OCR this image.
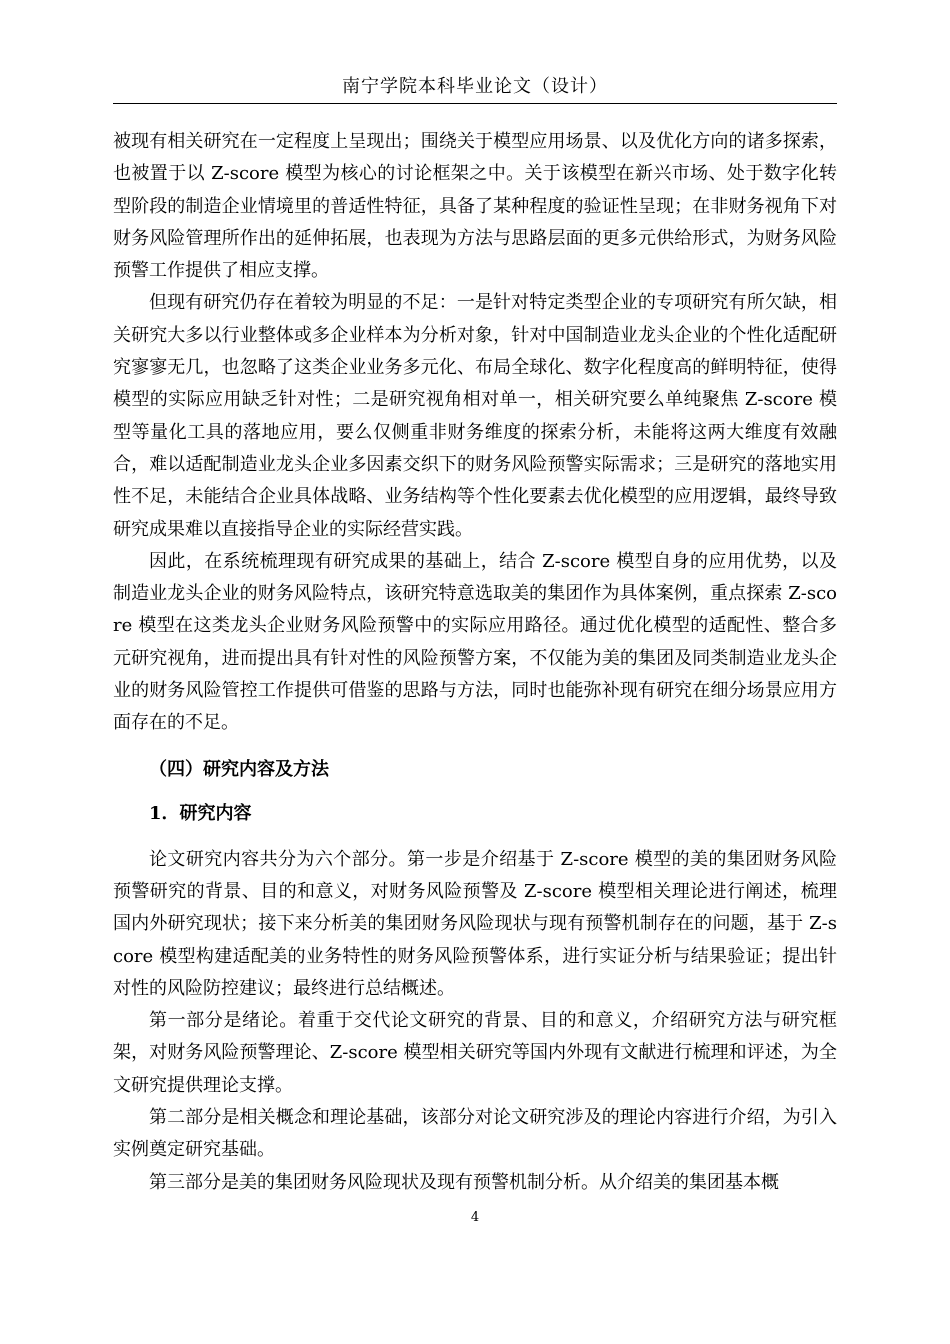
南宁学院本科毕业论文（设计）

被现有相关研究在一定程度上呈现出；围绕关于模型应用场景、以及优化方向的诸多探索，也被置于以 Z-score 模型为核心的讨论框架之中。关于该模型在新兴市场、处于数字化转型阶段的制造企业情境里的普适性特征，具备了某种程度的验证性呈现；在非财务视角下对财务风险管理所作出的延伸拓展，也表现为方法与思路层面的更多元供给形式，为财务风险预警工作提供了相应支撑。

但现有研究仍存在着较为明显的不足：一是针对特定类型企业的专项研究有所欠缺，相关研究大多以行业整体或多企业样本为分析对象，针对中国制造业龙头企业的个性化适配研究寥寥无几，也忽略了这类企业业务多元化、布局全球化、数字化程度高的鲜明特征，使得模型的实际应用缺乏针对性；二是研究视角相对单一，相关研究要么单纯聚焦 Z-score 模型等量化工具的落地应用，要么仅侧重非财务维度的探索分析，未能将这两大维度有效融合，难以适配制造业龙头企业多因素交织下的财务风险预警实际需求；三是研究的落地实用性不足，未能结合企业具体战略、业务结构等个性化要素去优化模型的应用逻辑，最终导致研究成果难以直接指导企业的实际经营实践。

因此，在系统梳理现有研究成果的基础上，结合 Z-score 模型自身的应用优势，以及制造业龙头企业的财务风险特点，该研究特意选取美的集团作为具体案例，重点探索 Z-score 模型在这类龙头企业财务风险预警中的实际应用路径。通过优化模型的适配性、整合多元研究视角，进而提出具有针对性的风险预警方案，不仅能为美的集团及同类制造业龙头企业的财务风险管控工作提供可借鉴的思路与方法，同时也能弥补现有研究在细分场景应用方面存在的不足。

（四）研究内容及方法
1．研究内容

论文研究内容共分为六个部分。第一步是介绍基于 Z-score 模型的美的集团财务风险预警研究的背景、目的和意义，对财务风险预警及 Z-score 模型相关理论进行阐述，梳理国内外研究现状；接下来分析美的集团财务风险现状与现有预警机制存在的问题，基于 Z-score 模型构建适配美的业务特性的财务风险预警体系，进行实证分析与结果验证；提出针对性的风险防控建议；最终进行总结概述。

第一部分是绪论。着重于交代论文研究的背景、目的和意义，介绍研究方法与研究框架，对财务风险预警理论、Z-score 模型相关研究等国内外现有文献进行梳理和评述，为全文研究提供理论支撑。

第二部分是相关概念和理论基础，该部分对论文研究涉及的理论内容进行介绍，为引入实例奠定研究基础。

第三部分是美的集团财务风险现状及现有预警机制分析。从介绍美的集团基本概

4
